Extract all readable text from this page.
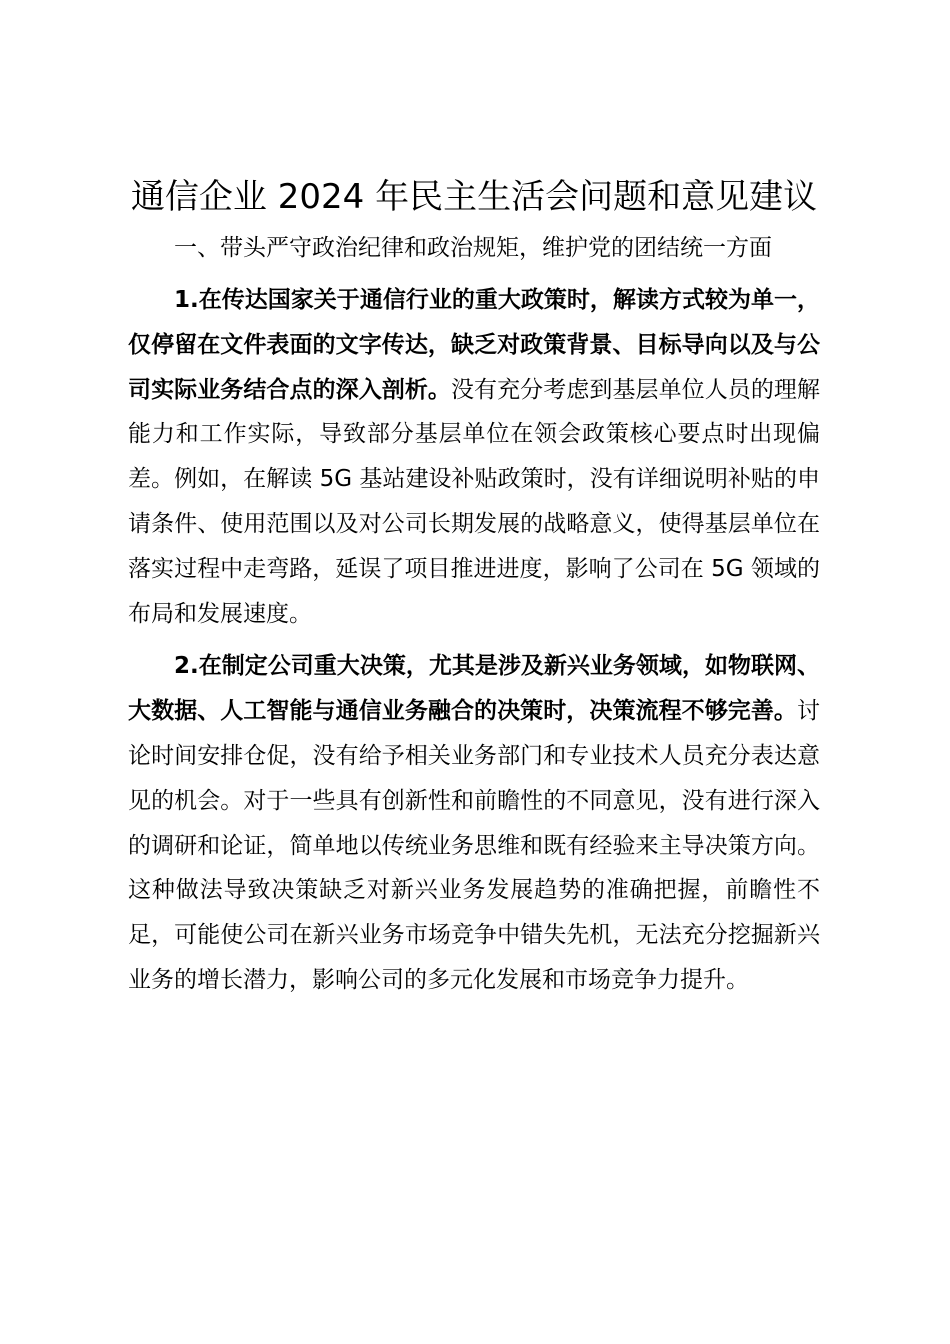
通信企业 2024 年民主生活会问题和意见建议

一、带头严守政治纪律和政治规矩，维护党的团结统一方面

1.在传达国家关于通信行业的重大政策时，解读方式较为单一，仅停留在文件表面的文字传达，缺乏对政策背景、目标导向以及与公司实际业务结合点的深入剖析。没有充分考虑到基层单位人员的理解能力和工作实际，导致部分基层单位在领会政策核心要点时出现偏差。例如，在解读 5G 基站建设补贴政策时，没有详细说明补贴的申请条件、使用范围以及对公司长期发展的战略意义，使得基层单位在落实过程中走弯路，延误了项目推进进度，影响了公司在 5G 领域的布局和发展速度。

2.在制定公司重大决策，尤其是涉及新兴业务领域，如物联网、大数据、人工智能与通信业务融合的决策时，决策流程不够完善。讨论时间安排仓促，没有给予相关业务部门和专业技术人员充分表达意见的机会。对于一些具有创新性和前瞻性的不同意见，没有进行深入的调研和论证，简单地以传统业务思维和既有经验来主导决策方向。这种做法导致决策缺乏对新兴业务发展趋势的准确把握，前瞻性不足，可能使公司在新兴业务市场竞争中错失先机，无法充分挖掘新兴业务的增长潜力，影响公司的多元化发展和市场竞争力提升。
